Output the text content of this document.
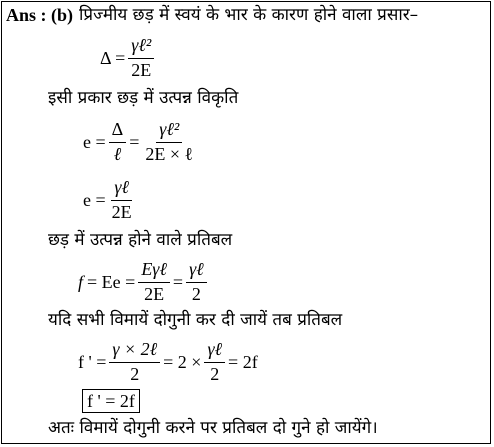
Ans : (b) प्रिज्मीय छड़ में स्वयं के भार के कारण होने वाला प्रसार–
$\Delta = \frac{\text{γℓ²}}{2E}$
इसी प्रकार छड़ में उत्पन्न विकृति
$e = \frac{\Delta}{\text{ℓ}} = \frac{\text{γℓ²}}{\text{2E × ℓ}}$
$e = \frac{\text{γℓ}}{2E}$
छड़ में उत्पन्न होने वाले प्रतिबल
$f = Ee = \frac{\text{Eγℓ}}{2E} = \frac{\text{γℓ}}{2}$
यदि सभी विमायें दोगुनी कर दी जायें तब प्रतिबल
f ' = $\frac{\text{γ × 2ℓ}}{2} = 2 \times \frac{\text{γℓ}}{2} = 2f$
f ' = 2f
अतः विमायें दोगुनी करने पर प्रतिबल दो गुने हो जायेंगे।
